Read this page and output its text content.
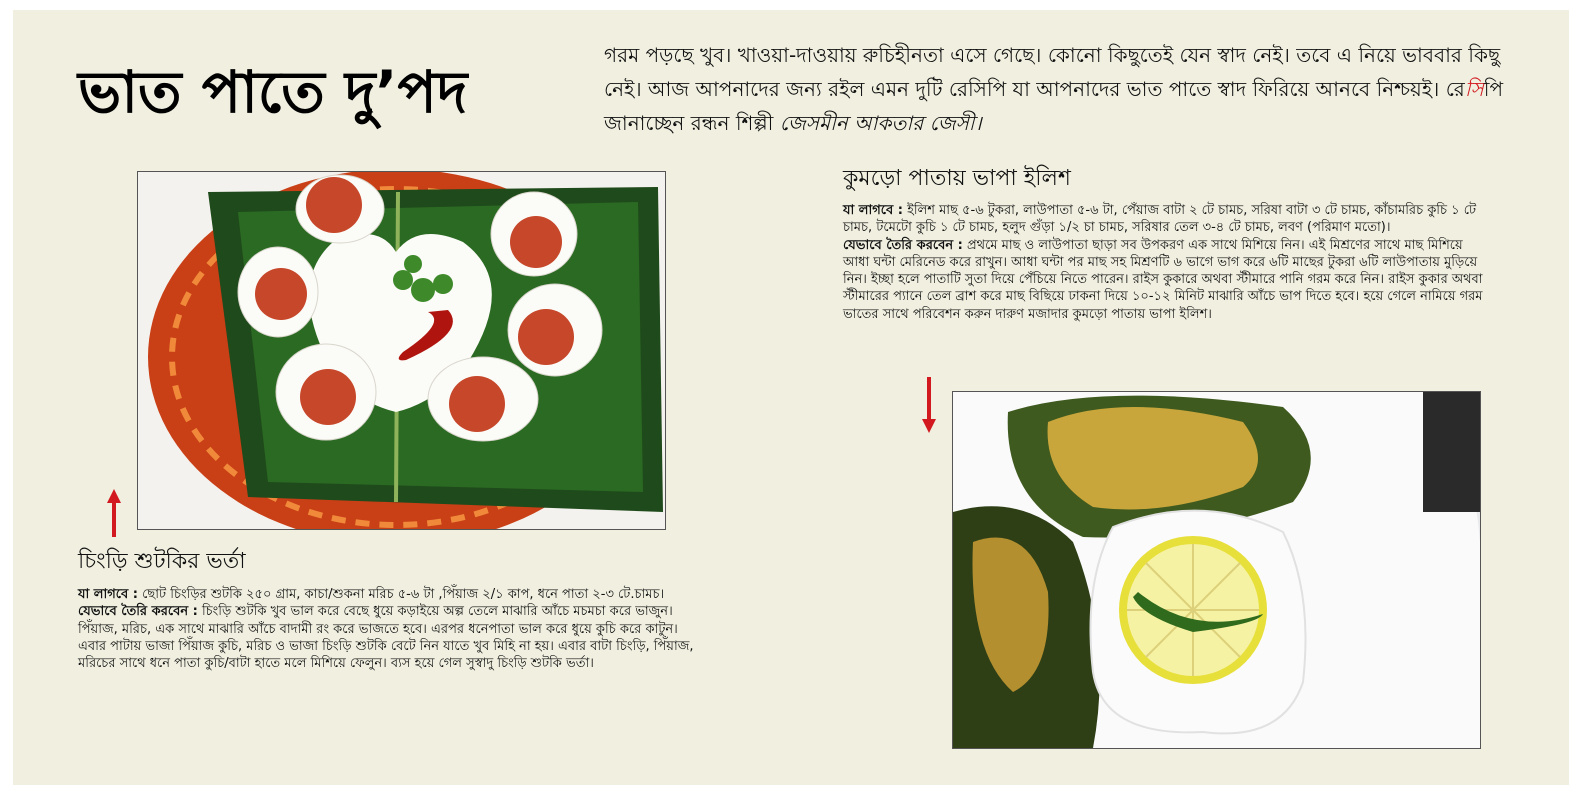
ভাত পাতে দু’পদ
গরম পড়ছে খুব। খাওয়া-দাওয়ায় রুচিহীনতা এসে গেছে। কোনো কিছুতেই যেন স্বাদ নেই। তবে এ নিয়ে ভাববার কিছু নেই। আজ আপনাদের জন্য রইল এমন দুটি রেসিপি যা আপনাদের ভাত পাতে স্বাদ ফিরিয়ে আনবে নিশ্চয়ই। রেসিপি জানাচ্ছেন রন্ধন শিল্পী জেসমীন আকতার জেসী।
চিংড়ি শুটকির ভর্তা

যা লাগবে : ছোট চিংড়ির শুটকি ২৫০ গ্রাম, কাচা/শুকনা মরিচ ৫-৬ টা ,পিঁয়াজ ২/১ কাপ, ধনে পাতা ২-৩ টে.চামচ।

যেভাবে তৈরি করবেন : চিংড়ি শুটকি খুব ভাল করে বেছে ধুয়ে কড়াইয়ে অল্প তেলে মাঝারি আঁচে মচমচা করে ভাজুন। পিঁয়াজ, মরিচ, এক সাথে মাঝারি আঁচে বাদামী রং করে ভাজতে হবে। এরপর ধনেপাতা ভাল করে ধুয়ে কুচি করে কাটুন। এবার পাটায় ভাজা পিঁয়াজ কুচি, মরিচ ও ভাজা চিংড়ি শুটকি বেটে নিন যাতে খুব মিহি না হয়। এবার বাটা চিংড়ি, পিঁয়াজ, মরিচের সাথে ধনে পাতা কুচি/বাটা হাতে মলে মিশিয়ে ফেলুন। ব্যস হয়ে গেল সুস্বাদু চিংড়ি শুটকি ভর্তা।

কুমড়ো পাতায় ভাপা ইলিশ

যা লাগবে : ইলিশ মাছ ৫-৬ টুকরা, লাউপাতা ৫-৬ টা, পেঁয়াজ বাটা ২ টে চামচ, সরিষা বাটা ৩ টে চামচ, কাঁচামরিচ কুচি ১ টে চামচ, টমেটো কুচি ১ টে চামচ, হলুদ গুঁড়া ১/২ চা চামচ, সরিষার তেল ৩-৪ টে চামচ, লবণ (পরিমাণ মতো)।

যেভাবে তৈরি করবেন : প্রথমে মাছ ও লাউপাতা ছাড়া সব উপকরণ এক সাথে মিশিয়ে নিন। এই মিশ্রণের সাথে মাছ মিশিয়ে আধা ঘন্টা মেরিনেড করে রাখুন। আধা ঘন্টা পর মাছ সহ মিশ্রণটি ৬ ভাগে ভাগ করে ৬টি মাছের টুকরা ৬টি লাউপাতায় মুড়িয়ে নিন। ইচ্ছা হলে পাতাটি সুতা দিয়ে পেঁচিয়ে নিতে পারেন। রাইস কুকারে অথবা স্টীমারে পানি গরম করে নিন। রাইস কুকার অথবা স্টীমারের প্যানে তেল ব্রাশ করে মাছ বিছিয়ে ঢাকনা দিয়ে ১০-১২ মিনিট মাঝারি আঁচে ভাপ দিতে হবে। হয়ে গেলে নামিয়ে গরম ভাতের সাথে পরিবেশন করুন দারুণ মজাদার কুমড়ো পাতায় ভাপা ইলিশ।
